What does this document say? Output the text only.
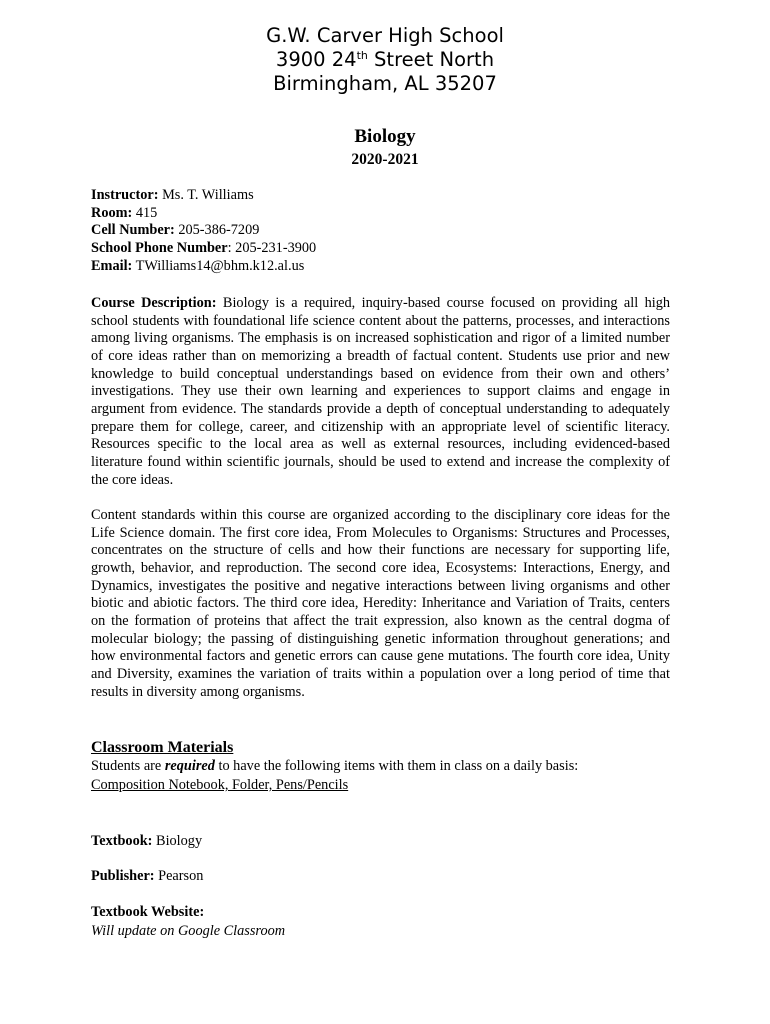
G.W. Carver High School
3900 24th Street North
Birmingham, AL 35207
Biology
2020-2021
Instructor: Ms. T. Williams
Room: 415
Cell Number: 205-386-7209
School Phone Number: 205-231-3900
Email: TWilliams14@bhm.k12.al.us

Course Description: Biology is a required, inquiry-based course focused on providing all high school students with foundational life science content about the patterns, processes, and interactions among living organisms. The emphasis is on increased sophistication and rigor of a limited number of core ideas rather than on memorizing a breadth of factual content. Students use prior and new knowledge to build conceptual understandings based on evidence from their own and others’ investigations. They use their own learning and experiences to support claims and engage in argument from evidence. The standards provide a depth of conceptual understanding to adequately prepare them for college, career, and citizenship with an appropriate level of scientific literacy. Resources specific to the local area as well as external resources, including evidenced-based literature found within scientific journals, should be used to extend and increase the complexity of the core ideas.

Content standards within this course are organized according to the disciplinary core ideas for the Life Science domain. The first core idea, From Molecules to Organisms: Structures and Processes, concentrates on the structure of cells and how their functions are necessary for supporting life, growth, behavior, and reproduction. The second core idea, Ecosystems: Interactions, Energy, and Dynamics, investigates the positive and negative interactions between living organisms and other biotic and abiotic factors. The third core idea, Heredity: Inheritance and Variation of Traits, centers on the formation of proteins that affect the trait expression, also known as the central dogma of molecular biology; the passing of distinguishing genetic information throughout generations; and how environmental factors and genetic errors can cause gene mutations. The fourth core idea, Unity and Diversity, examines the variation of traits within a population over a long period of time that results in diversity among organisms.

Classroom Materials
Students are required to have the following items with them in class on a daily basis:
Composition Notebook, Folder, Pens/Pencils
Textbook: Biology
Publisher: Pearson
Textbook Website:
Will update on Google Classroom
